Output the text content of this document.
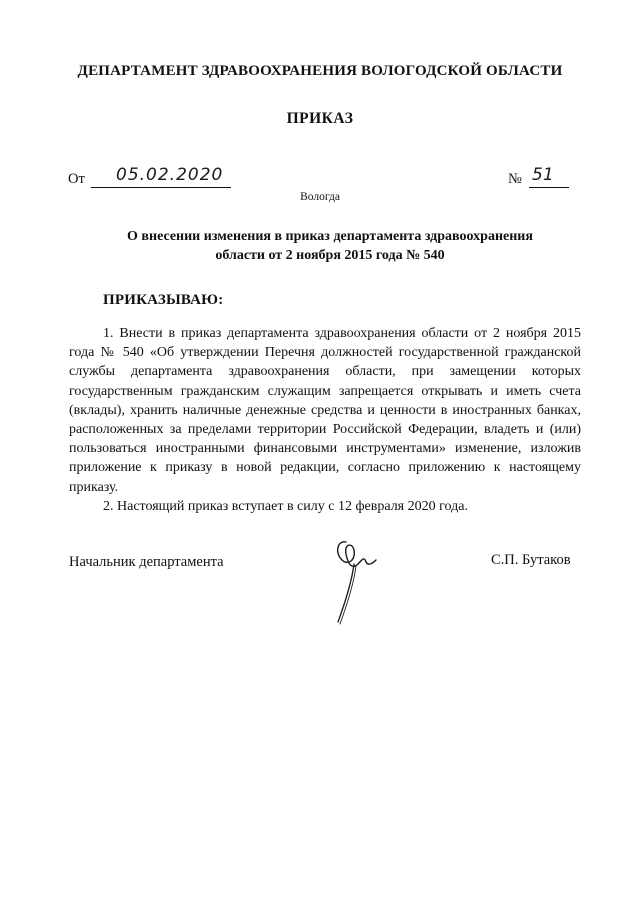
ДЕПАРТАМЕНТ ЗДРАВООХРАНЕНИЯ ВОЛОГОДСКОЙ ОБЛАСТИ
ПРИКАЗ
От 05.02.2020	№ 51
Вологда
О внесении изменения в приказ департамента здравоохранения
области от 2 ноября 2015 года № 540
ПРИКАЗЫВАЮ:

1. Внести в приказ департамента здравоохранения области от 2 ноября 2015 года № 540 «Об утверждении Перечня должностей государственной гражданской службы департамента здравоохранения области, при замещении которых государственным гражданским служащим запрещается открывать и иметь счета (вклады), хранить наличные денежные средства и ценности в иностранных банках, расположенных за пределами территории Российской Федерации, владеть и (или) пользоваться иностранными финансовыми инструментами» изменение, изложив приложение к приказу в новой редакции, согласно приложению к настоящему приказу.

2. Настоящий приказ вступает в силу с 12 февраля 2020 года.

Начальник департамента	С.П. Бутаков
